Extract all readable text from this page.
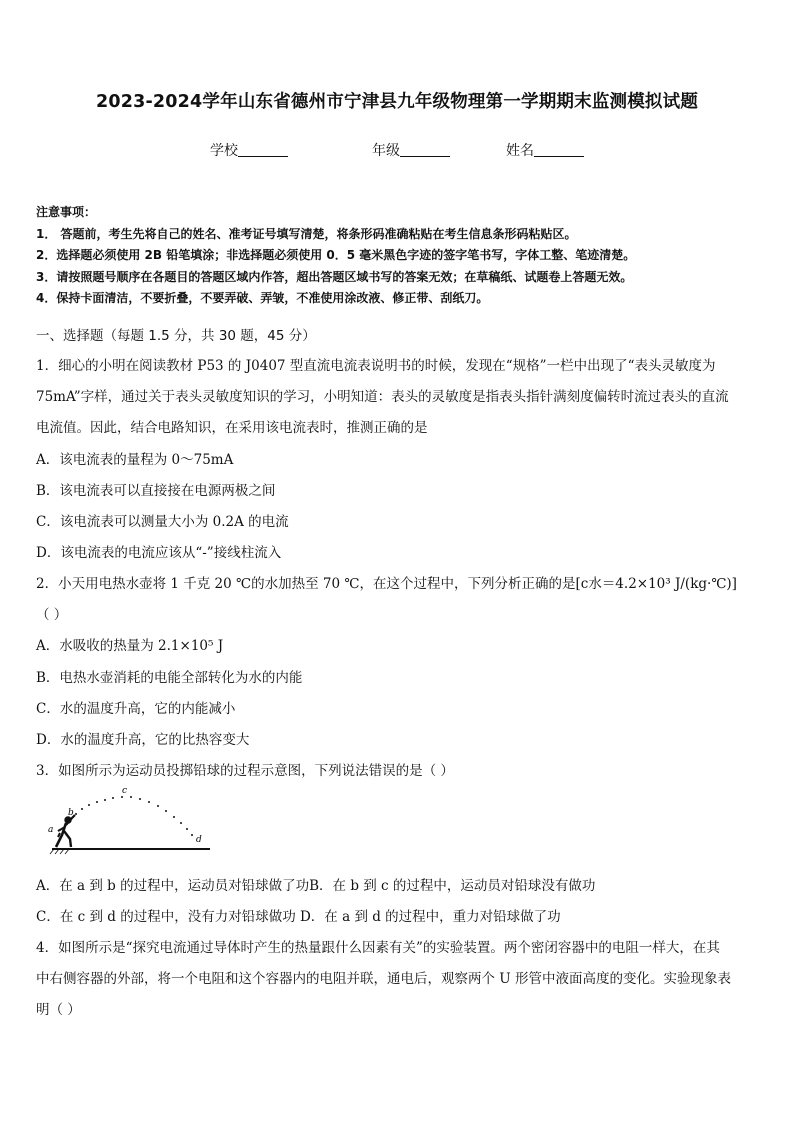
2023-2024学年山东省德州市宁津县九年级物理第一学期期末监测模拟试题
学校	年级	姓名
注意事项：
1． 答题前，考生先将自己的姓名、准考证号填写清楚，将条形码准确粘贴在考生信息条形码粘贴区。
2．选择题必须使用 2B 铅笔填涂；非选择题必须使用 0．5 毫米黑色字迹的签字笔书写，字体工整、笔迹清楚。
3．请按照题号顺序在各题目的答题区域内作答，超出答题区域书写的答案无效；在草稿纸、试题卷上答题无效。
4．保持卡面清洁，不要折叠，不要弄破、弄皱，不准使用涂改液、修正带、刮纸刀。
一、选择题（每题 1.5 分，共 30 题，45 分）
1．细心的小明在阅读教材 P53 的 J0407 型直流电流表说明书的时候，发现在“规格”一栏中出现了“表头灵敏度为
75mA”字样，通过关于表头灵敏度知识的学习，小明知道：表头的灵敏度是指表头指针满刻度偏转时流过表头的直流
电流值。因此，结合电路知识，在采用该电流表时，推测正确的是
A．该电流表的量程为 0～75mA
B．该电流表可以直接接在电源两极之间
C．该电流表可以测量大小为 0.2A 的电流
D．该电流表的电流应该从“-”接线柱流入
2．小天用电热水壶将 1 千克 20 ℃的水加热至 70 ℃，在这个过程中，下列分析正确的是[c水＝4.2×10³ J/(kg·℃)]
（ ）
A．水吸收的热量为 2.1×10⁵ J
B．电热水壶消耗的电能全部转化为水的内能
C．水的温度升高，它的内能减小
D．水的温度升高，它的比热容变大
3．如图所示为运动员投掷铅球的过程示意图，下列说法错误的是（ ）
a
b
c
d
A．在 a 到 b 的过程中，运动员对铅球做了功B．在 b 到 c 的过程中，运动员对铅球没有做功
C．在 c 到 d 的过程中，没有力对铅球做功 D．在 a 到 d 的过程中，重力对铅球做了功
4．如图所示是“探究电流通过导体时产生的热量跟什么因素有关”的实验装置。两个密闭容器中的电阻一样大，在其
中右侧容器的外部，将一个电阻和这个容器内的电阻并联，通电后，观察两个 U 形管中液面高度的变化。实验现象表
明（ ）
